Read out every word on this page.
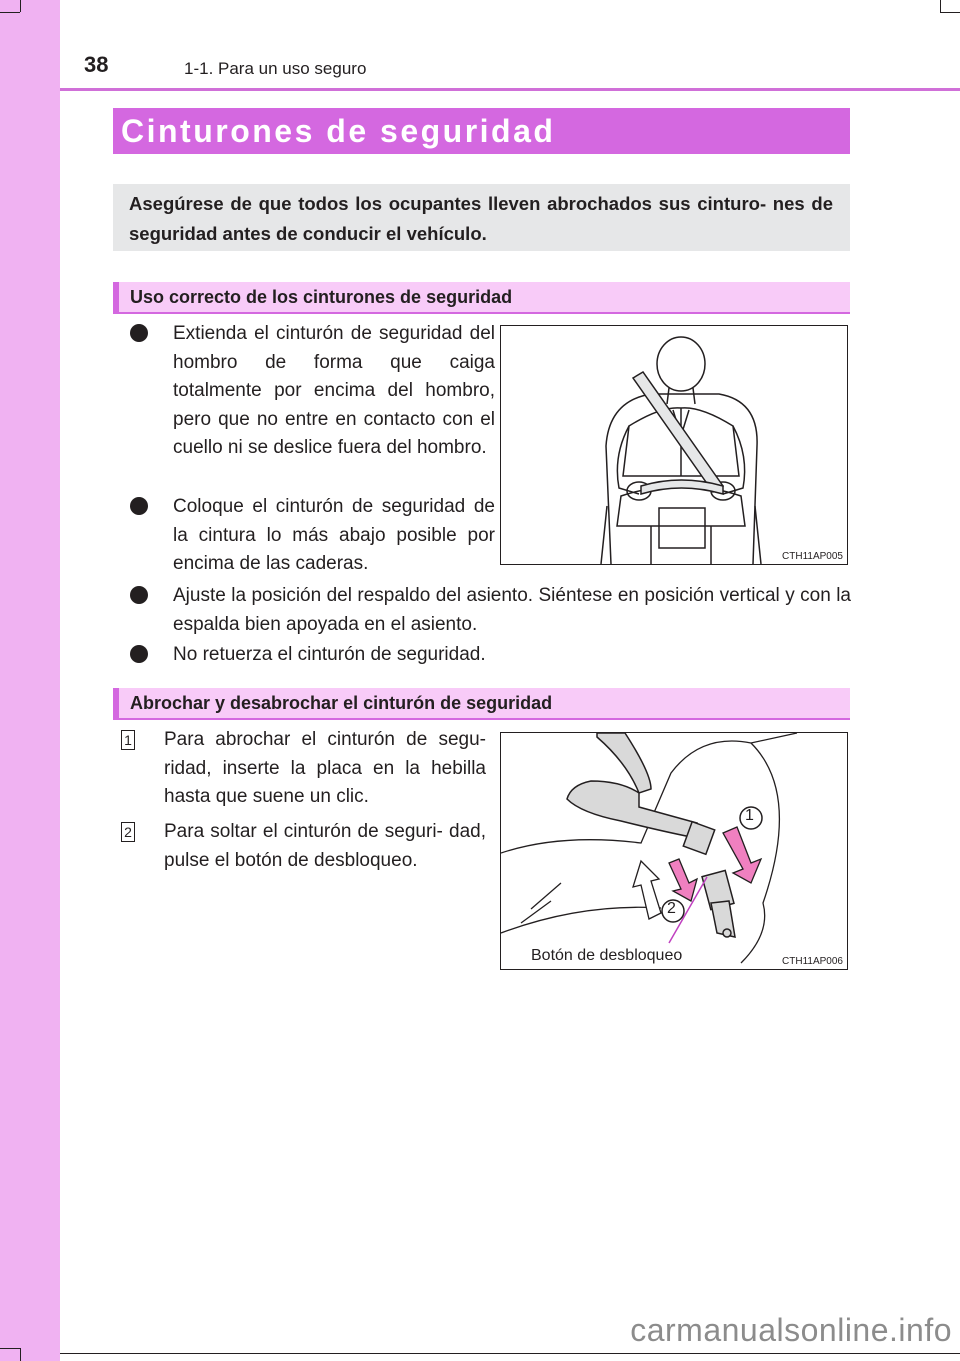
38	1-1. Para un uso seguro
Cinturones de seguridad
Asegúrese de que todos los ocupantes lleven abrochados sus cinturo- nes de seguridad antes de conducir el vehículo.
Uso correcto de los cinturones de seguridad
Extienda el cinturón de seguridad del hombro de forma que caiga totalmente por encima del hombro, pero que no entre en contacto con el cuello ni se deslice fuera del hombro.
Coloque el cinturón de seguridad de la cintura lo más abajo posible por encima de las caderas.
Ajuste la posición del respaldo del asiento. Siéntese en posición vertical y con la espalda bien apoyada en el asiento.
No retuerza el cinturón de seguridad.
CTH11AP005
Abrochar y desabrochar el cinturón de seguridad
1 Para abrochar el cinturón de segu- ridad, inserte la placa en la hebilla hasta que suene un clic.
2 Para soltar el cinturón de seguri- dad, pulse el botón de desbloqueo.
1
2
Botón de desbloqueo	CTH11AP006
carmanualsonline.info
